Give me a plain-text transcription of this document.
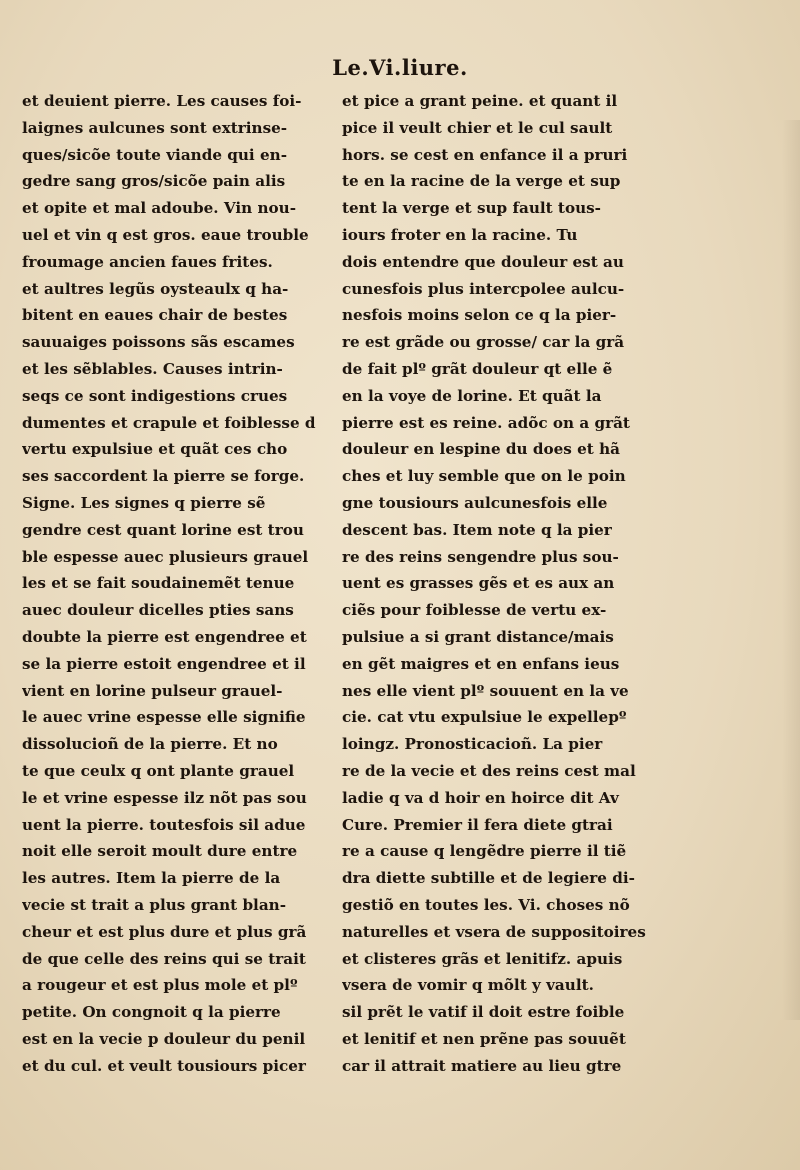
Le.Vi.liure.
et deuient pierre. Les causes foi-
laignes aulcunes sont extrinse-
ques/sicõe toute viande qui en-
gedre sang gros/sicõe pain alis
et opite et mal adoube. Vin nou-
uel et vin q est gros. eaue trouble
froumage ancien faues frites.
et aultres legũs oysteaulx q ha-
bitent en eaues chair de bestes
sauuaiges poissons sãs escames
et les sẽblables. Causes intrin-
seqs ce sont indigestions crues
dumentes et crapule et foiblesse d
vertu expulsiue et quãt ces cho
ses saccordent la pierre se forge.
Signe. Les signes q pierre sẽ
gendre cest quant lorine est trou
ble espesse auec plusieurs grauel
les et se fait soudainemẽt tenue
auec douleur dicelles pties sans
doubte la pierre est engendree et
se la pierre estoit engendree et il
vient en lorine pulseur grauel-
le auec vrine espesse elle signifie
dissolucioñ de la pierre. Et no
te que ceulx q ont plante grauel
le et vrine espesse ilz nõt pas sou
uent la pierre. toutesfois sil adue
noit elle seroit moult dure entre
les autres. Item la pierre de la
vecie st trait a plus grant blan-
cheur et est plus dure et plus grã
de que celle des reins qui se trait
a rougeur et est plus mole et plº
petite. On congnoit q la pierre
est en la vecie p douleur du penil
et du cul. et veult tousiours picer
et pice a grant peine. et quant il
pice il veult chier et le cul sault
hors. se cest en enfance il a pruri
te en la racine de la verge et sup
tent la verge et sup fault tous-
iours froter en la racine. Tu
dois entendre que douleur est au
cunesfois plus intercpolee aulcu-
nesfois moins selon ce q la pier-
re est grãde ou grosse/ car la grã
de fait plº grãt douleur qt elle ẽ
en la voye de lorine. Et quãt la
pierre est es reine. adõc on a grãt
douleur en lespine du does et hã
ches et luy semble que on le poin
gne tousiours aulcunesfois elle
descent bas. Item note q la pier
re des reins sengendre plus sou-
uent es grasses gẽs et es aux an
ciẽs pour foiblesse de vertu ex-
pulsiue a si grant distance/mais
en gẽt maigres et en enfans ieus
nes elle vient plº souuent en la ve
cie. cat vtu expulsiue le expellepº
loingz. Pronosticacioñ. La pier
re de la vecie et des reins cest mal
ladie q va d hoir en hoirce dit Av
Cure. Premier il fera diete gtrai
re a cause q lengẽdre pierre il tiẽ
dra diette subtille et de legiere di-
gestiõ en toutes les. Vi. choses nõ
naturelles et vsera de suppositoires
et clisteres grãs et lenitifz. apuis
vsera de vomir q mõlt y vault.
sil prẽt le vatif il doit estre foible
et lenitif et nen prẽne pas souuẽt
car il attrait matiere au lieu gtre
